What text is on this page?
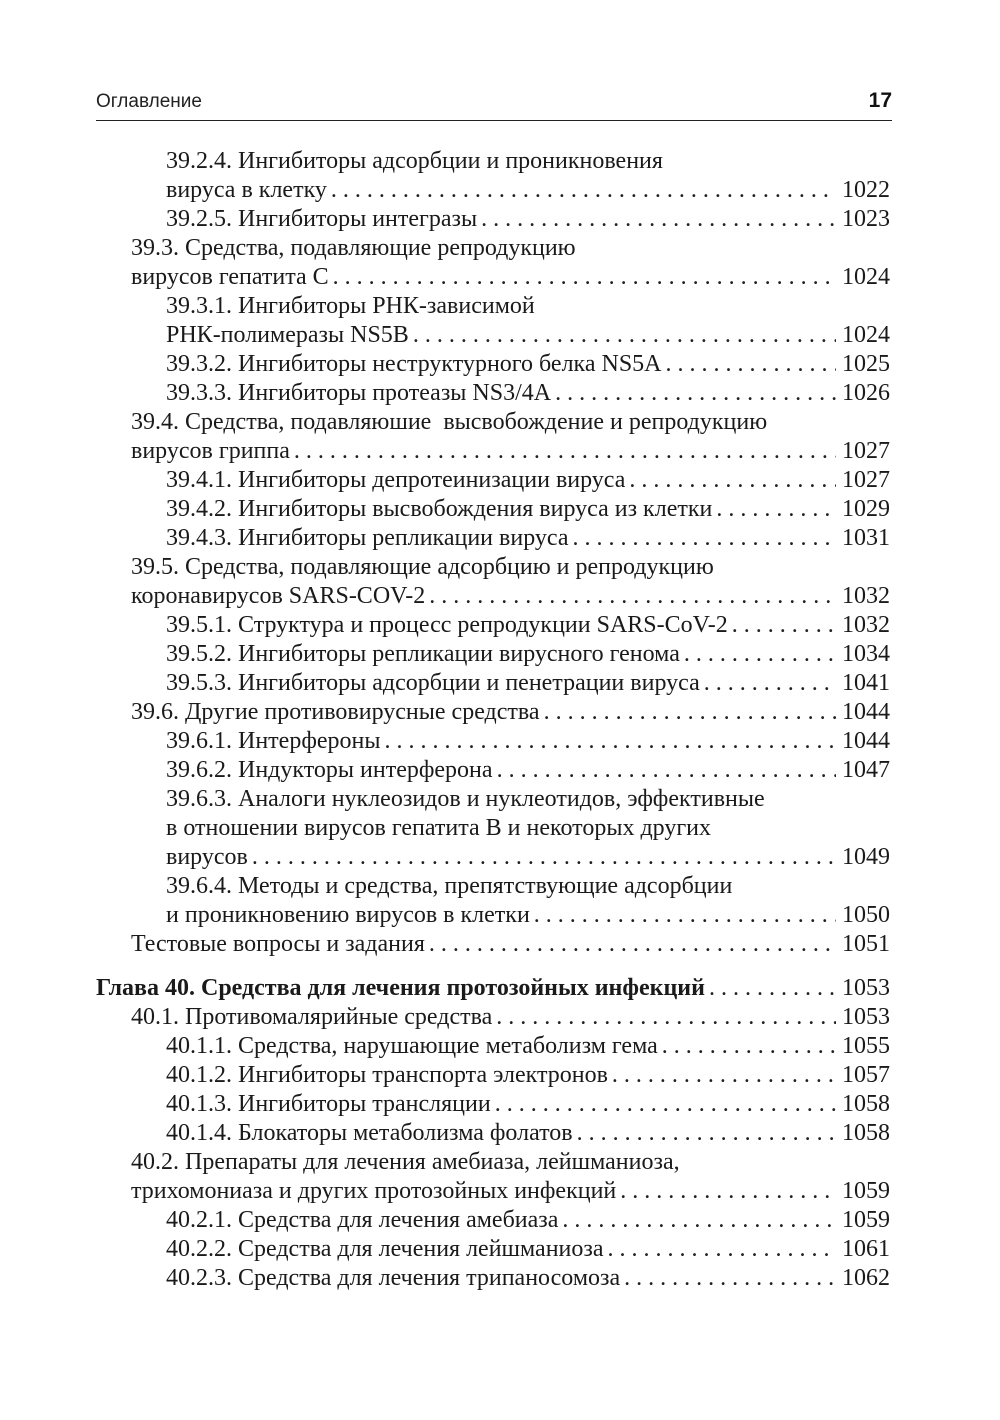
Оглавление	17
39.2.4. Ингибиторы адсорбции и проникновения
вируса в клетку . . .	1022
39.2.5. Ингибиторы интегразы . . .	1023
39.3. Средства, подавляющие репродукцию
вирусов гепатита С . . .	1024
39.3.1. Ингибиторы РНК-зависимой
РНК-полимеразы NS5B . . .	1024
39.3.2. Ингибиторы неструктурного белка NS5A . . .	1025
39.3.3. Ингибиторы протеазы NS3/4A . . .	1026
39.4. Средства, подавляюшие  высвобождение и репродукцию
вирусов гриппа . . .	1027
39.4.1. Ингибиторы депротеинизации вируса . . .	1027
39.4.2. Ингибиторы высвобождения вируса из клетки . . .	1029
39.4.3. Ингибиторы репликации вируса . . .	1031
39.5. Средства, подавляющие адсорбцию и репродукцию
коронавирусов SARS-COV-2 . . .	1032
39.5.1. Структура и процесс репродукции SARS-CoV-2 . . .	1032
39.5.2. Ингибиторы репликации вирусного генома . . .	1034
39.5.3. Ингибиторы адсорбции и пенетрации вируса . . .	1041
39.6. Другие противовирусные средства . . .	1044
39.6.1. Интерфероны . . .	1044
39.6.2. Индукторы интерферона . . .	1047
39.6.3. Аналоги нуклеозидов и нуклеотидов, эффективные
в отношении вирусов гепатита В и некоторых других
вирусов . . .	1049
39.6.4. Методы и средства, препятствующие адсорбции
и проникновению вирусов в клетки . . .	1050
Тестовые вопросы и задания . . .	1051
Глава 40. Средства для лечения протозойных инфекций . . .	1053
40.1. Противомалярийные средства . . .	1053
40.1.1. Средства, нарушающие метаболизм гема . . .	1055
40.1.2. Ингибиторы транспорта электронов . . .	1057
40.1.3. Ингибиторы трансляции . . .	1058
40.1.4. Блокаторы метаболизма фолатов . . .	1058
40.2. Препараты для лечения амебиаза, лейшманиоза,
трихомониаза и других протозойных инфекций . . .	1059
40.2.1. Средства для лечения амебиаза . . .	1059
40.2.2. Средства для лечения лейшманиоза . . .	1061
40.2.3. Средства для лечения трипаносомоза . . .	1062
